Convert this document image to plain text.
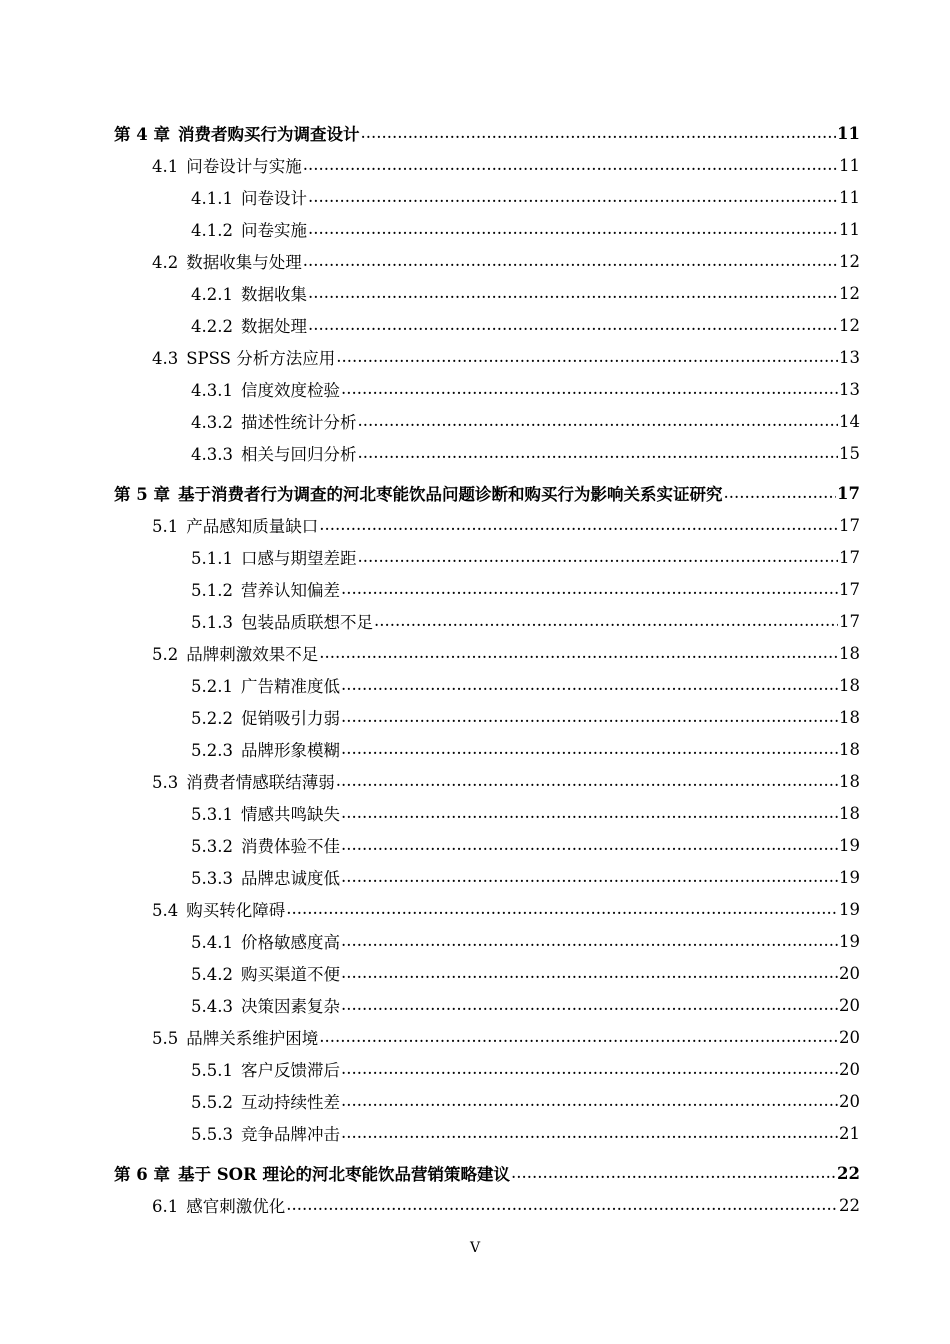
第 4 章 消费者购买行为调查设计 .....	11
4.1 问卷设计与实施 .....	11
4.1.1 问卷设计 .....	11
4.1.2 问卷实施 .....	11
4.2 数据收集与处理 .....	12
4.2.1 数据收集 .....	12
4.2.2 数据处理 .....	12
4.3 SPSS 分析方法应用 .....	13
4.3.1 信度效度检验 .....	13
4.3.2 描述性统计分析 .....	14
4.3.3 相关与回归分析 .....	15
第 5 章 基于消费者行为调查的河北枣能饮品问题诊断和购买行为影响关系实证研究 .....	17
5.1 产品感知质量缺口 .....	17
5.1.1 口感与期望差距 .....	17
5.1.2 营养认知偏差 .....	17
5.1.3 包装品质联想不足 .....	17
5.2 品牌刺激效果不足 .....	18
5.2.1 广告精准度低 .....	18
5.2.2 促销吸引力弱 .....	18
5.2.3 品牌形象模糊 .....	18
5.3 消费者情感联结薄弱 .....	18
5.3.1 情感共鸣缺失 .....	18
5.3.2 消费体验不佳 .....	19
5.3.3 品牌忠诚度低 .....	19
5.4 购买转化障碍 .....	19
5.4.1 价格敏感度高 .....	19
5.4.2 购买渠道不便 .....	20
5.4.3 决策因素复杂 .....	20
5.5 品牌关系维护困境 .....	20
5.5.1 客户反馈滞后 .....	20
5.5.2 互动持续性差 .....	20
5.5.3 竞争品牌冲击 .....	21
第 6 章 基于 SOR 理论的河北枣能饮品营销策略建议 .....	22
6.1 感官刺激优化 .....	22
V
